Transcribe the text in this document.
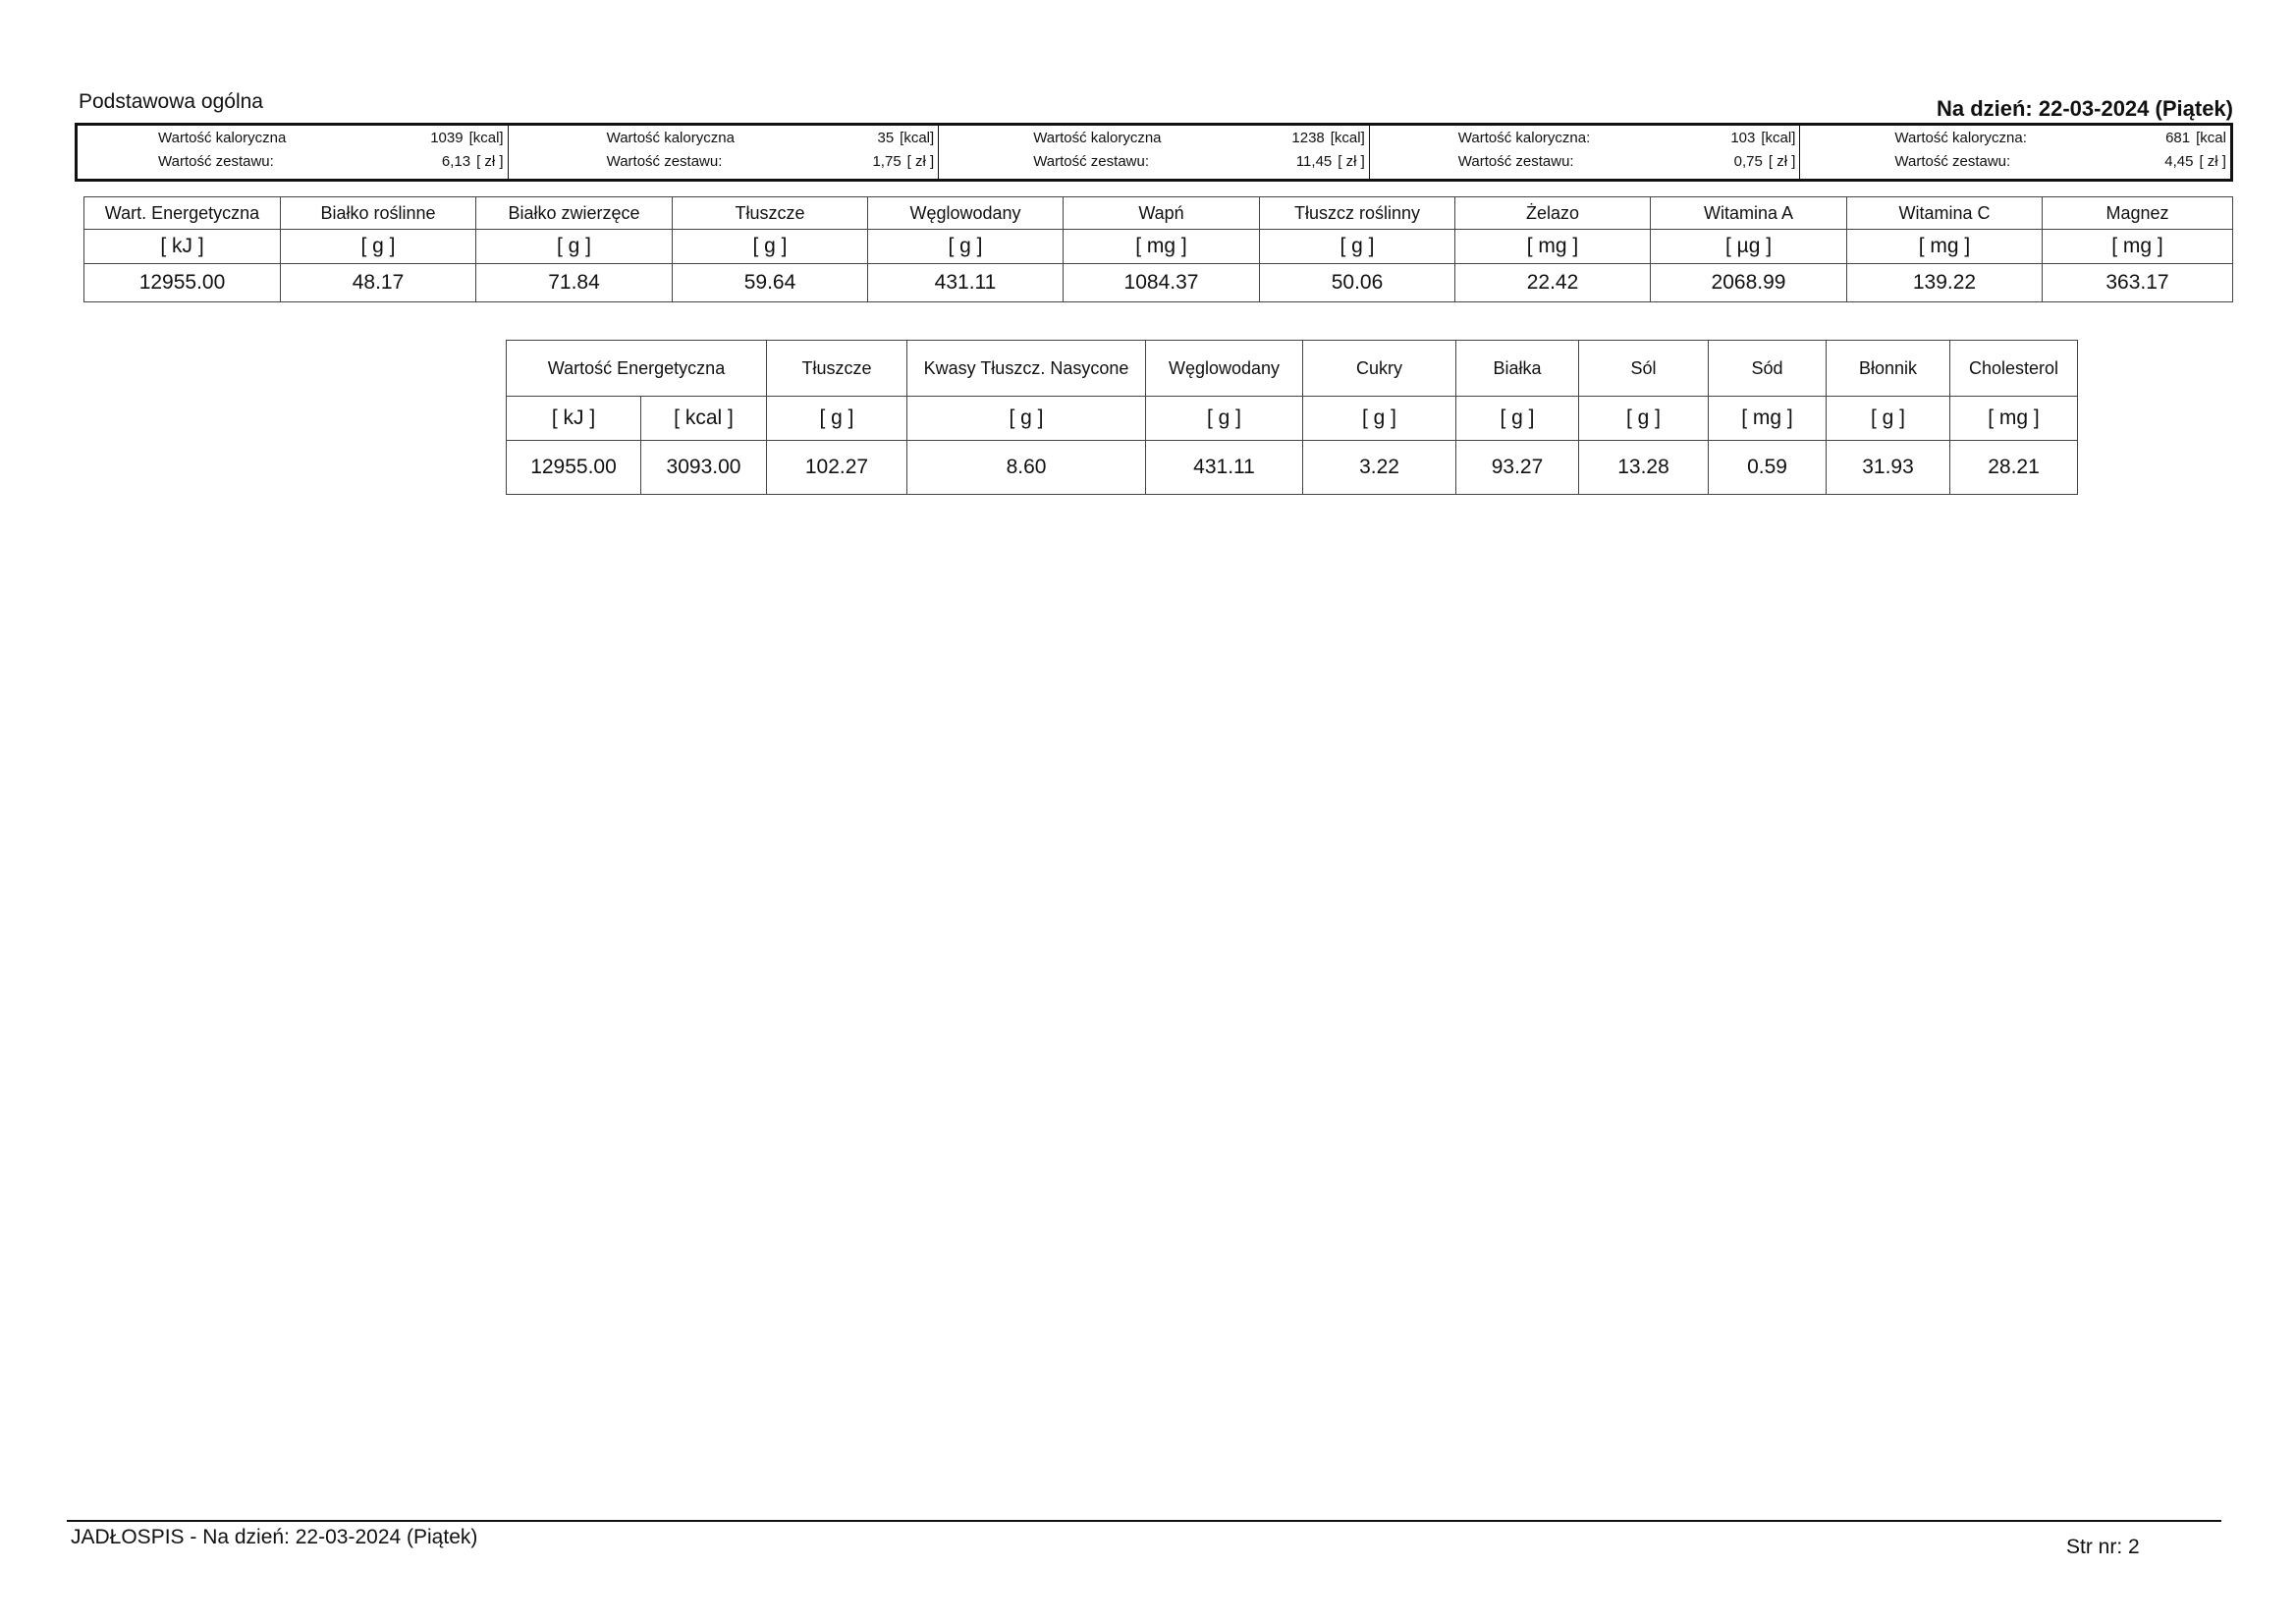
Podstawowa ogólna	Na dzień: 22-03-2024 (Piątek)
Wartość kaloryczna	1039 [kcal]
Wartość zestawu:	6,13 [ zł ]
Wartość kaloryczna	35 [kcal]
Wartość zestawu:	1,75 [ zł ]
Wartość kaloryczna	1238 [kcal]
Wartość zestawu:	11,45 [ zł ]
Wartość kaloryczna:	103 [kcal]
Wartość zestawu:	0,75 [ zł ]
Wartość kaloryczna:	681 [kcal
Wartość zestawu:	4,45 [ zł ]
Wart. Energetyczna	Białko roślinne	Białko zwierzęce	Tłuszcze	Węglowodany	Wapń	Tłuszcz roślinny	Żelazo	Witamina A	Witamina C	Magnez
[ kJ ]	[ g ]	[ g ]	[ g ]	[ g ]	[ mg ]	[ g ]	[ mg ]	[ µg ]	[ mg ]	[ mg ]
12955.00	48.17	71.84	59.64	431.11	1084.37	50.06	22.42	2068.99	139.22	363.17
Wartość Energetyczna		Tłuszcze	Kwasy Tłuszcz. Nasycone	Węglowodany	Cukry	Białka	Sól	Sód	Błonnik	Cholesterol
[ kJ ]	[ kcal ]	[ g ]	[ g ]	[ g ]	[ g ]	[ g ]	[ g ]	[ mg ]	[ g ]	[ mg ]
12955.00	3093.00	102.27	8.60	431.11	3.22	93.27	13.28	0.59	31.93	28.21
JADŁOSPIS - Na dzień: 22-03-2024 (Piątek)	Str nr: 2
